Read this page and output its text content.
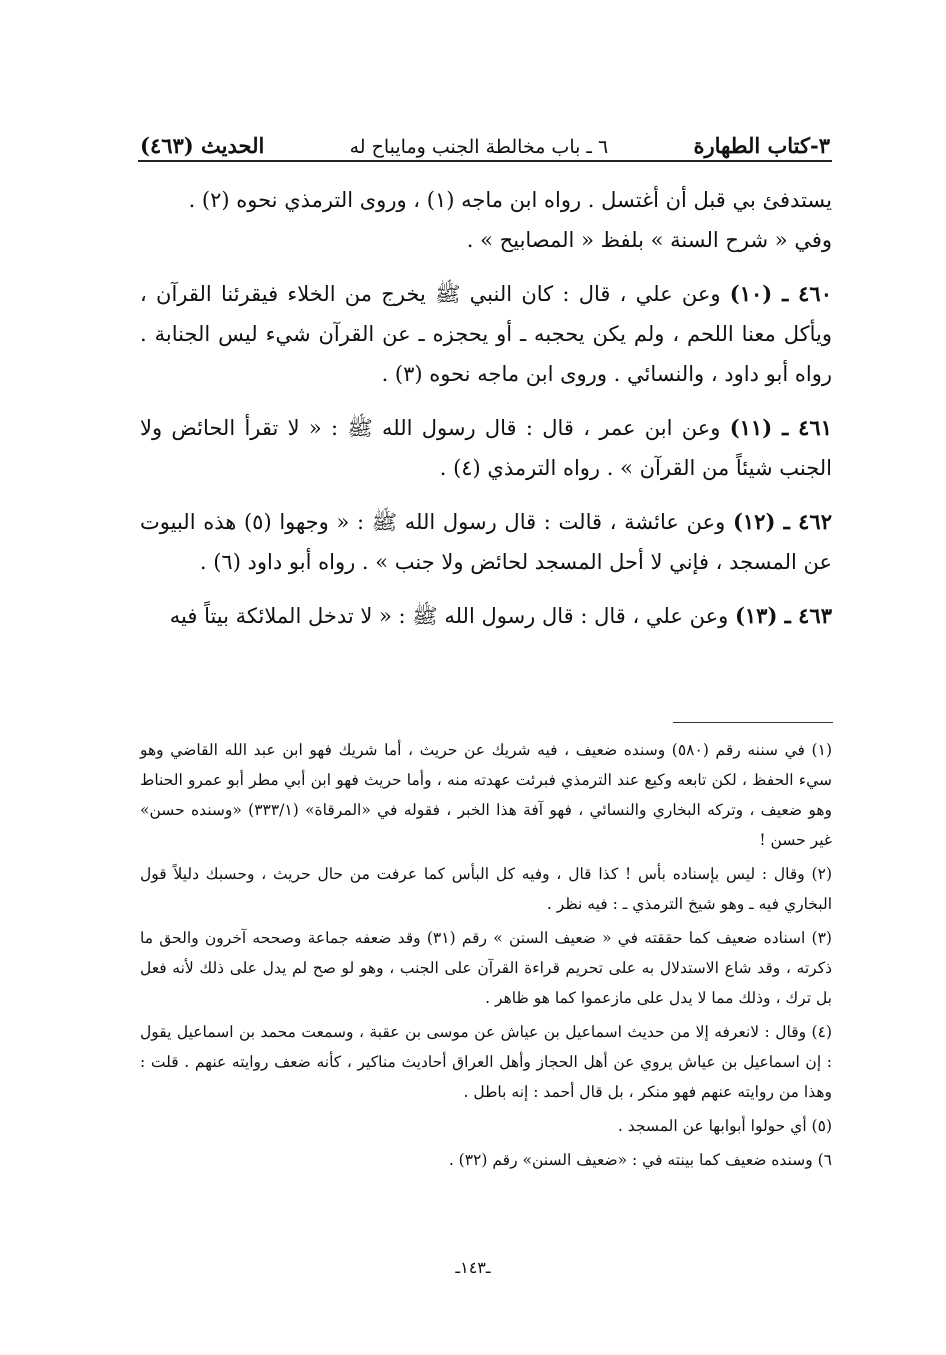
٣-كتاب الطهارة
٦ ـ باب مخالطة الجنب ومايباح له
الحديث (٤٦٣)

يستدفئ بي قبل أن أغتسل . رواه ابن ماجه (١) ، وروى الترمذي نحوه (٢) .

وفي « شرح السنة » بلفظ « المصابيح » .

٤٦٠ ـ (١٠) وعن علي ، قال : كان النبي ﷺ يخرج من الخلاء فيقرئنا القرآن ، ويأكل معنا اللحم ، ولم يكن يحجبه ـ أو يحجزه ـ عن القرآن شيء ليس الجنابة . رواه أبو داود ، والنسائي . وروى ابن ماجه نحوه (٣) .

٤٦١ ـ (١١) وعن ابن عمر ، قال : قال رسول الله ﷺ : « لا تقرأ الحائض ولا الجنب شيئاً من القرآن » . رواه الترمذي (٤) .

٤٦٢ ـ (١٢) وعن عائشة ، قالت : قال رسول الله ﷺ : « وجهوا (٥) هذه البيوت عن المسجد ، فإني لا أحل المسجد لحائض ولا جنب » . رواه أبو داود (٦) .

٤٦٣ ـ (١٣) وعن علي ، قال : قال رسول الله ﷺ : « لا تدخل الملائكة بيتاً فيه

(١) في سننه رقم (٥٨٠) وسنده ضعيف ، فيه شريك عن حريث ، أما شريك فهو ابن عبد الله القاضي وهو سيء الحفظ ، لكن تابعه وكيع عند الترمذي فبرئت عهدته منه ، وأما حريث فهو ابن أبي مطر أبو عمرو الحناط وهو ضعيف ، وتركه البخاري والنسائي ، فهو آفة هذا الخبر ، فقوله في «المرقاة» (٣٣٣/١) «وسنده حسن» غير حسن !

(٢) وقال : ليس بإسناده بأس ! كذا قال ، وفيه كل البأس كما عرفت من حال حريث ، وحسبك دليلاً قول البخاري فيه ـ وهو شيخ الترمذي ـ : فيه نظر .

(٣) اسناده ضعيف كما حققته في « ضعيف السنن » رقم (٣١) وقد ضعفه جماعة وصححه آخرون والحق ما ذكرته ، وقد شاع الاستدلال به على تحريم قراءة القرآن على الجنب ، وهو لو صح لم يدل على ذلك لأنه فعل بل ترك ، وذلك مما لا يدل على مازعموا كما هو ظاهر .

(٤) وقال : لانعرفه إلا من حديث اسماعيل بن عياش عن موسى بن عقبة ، وسمعت محمد بن اسماعيل يقول : إن اسماعيل بن عياش يروي عن أهل الحجاز وأهل العراق أحاديث مناكير ، كأنه ضعف روايته عنهم . قلت : وهذا من روايته عنهم فهو منكر ، بل قال أحمد : إنه باطل .

(٥) أي حولوا أبوابها عن المسجد .

٦) وسنده ضعيف كما بينته في : «ضعيف السنن» رقم (٣٢) .

ـ١٤٣ـ
